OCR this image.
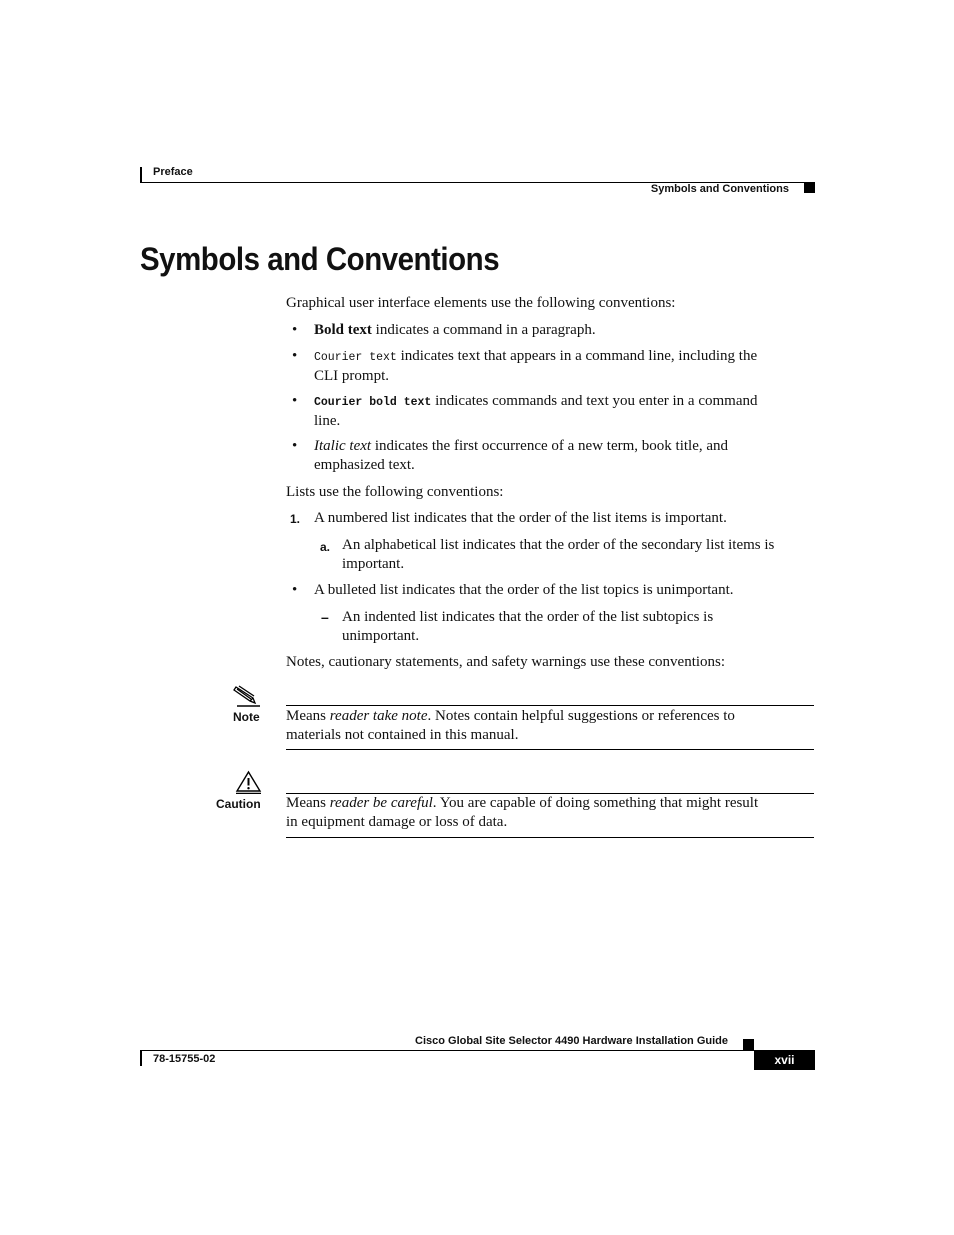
Preface
Symbols and Conventions
Symbols and Conventions
Graphical user interface elements use the following conventions:
• Bold text indicates a command in a paragraph.
• Courier text indicates text that appears in a command line, including the
CLI prompt.
• Courier bold text indicates commands and text you enter in a command
line.
• Italic text indicates the first occurrence of a new term, book title, and
emphasized text.
Lists use the following conventions:
1. A numbered list indicates that the order of the list items is important.
a. An alphabetical list indicates that the order of the secondary list items is
important.
• A bulleted list indicates that the order of the list topics is unimportant.
– An indented list indicates that the order of the list subtopics is
unimportant.
Notes, cautionary statements, and safety warnings use these conventions:
Note Means reader take note. Notes contain helpful suggestions or references to
materials not contained in this manual.
Caution Means reader be careful. You are capable of doing something that might result
in equipment damage or loss of data.
Cisco Global Site Selector 4490 Hardware Installation Guide
78-15755-02	xvii
